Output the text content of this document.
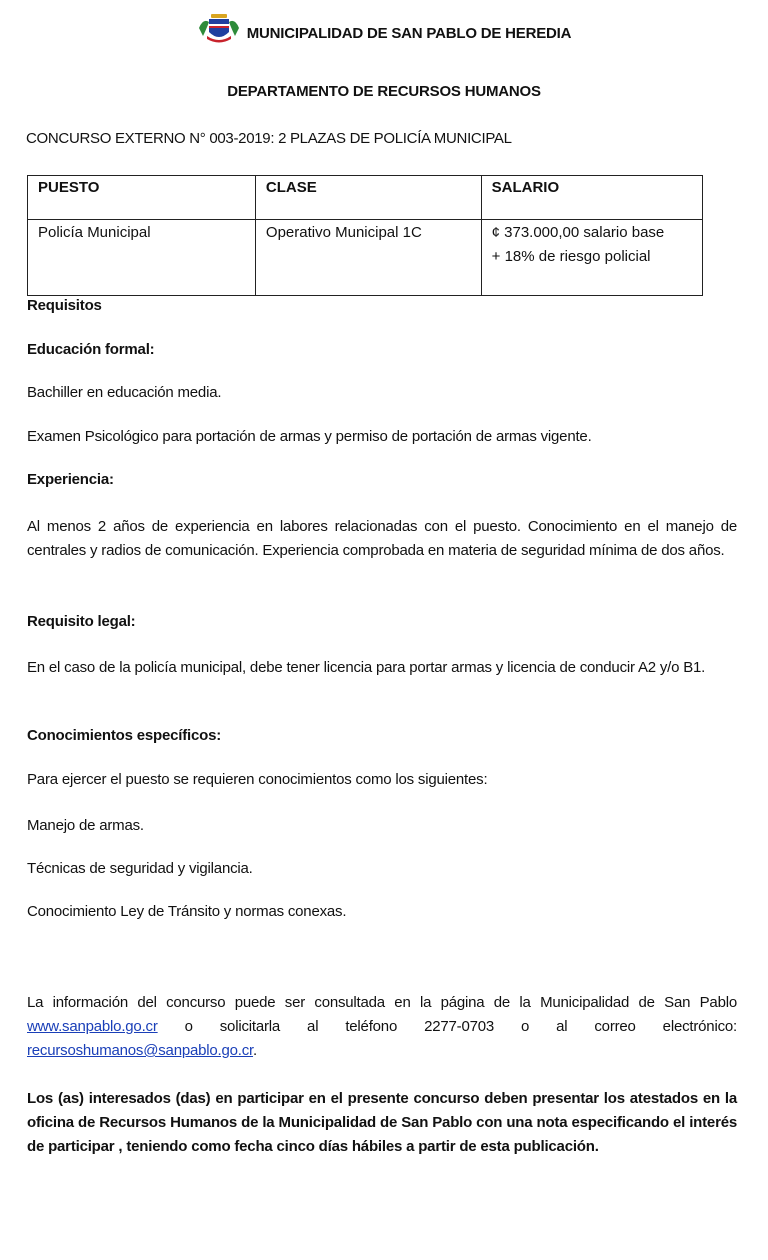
MUNICIPALIDAD DE SAN PABLO DE HEREDIA
DEPARTAMENTO DE RECURSOS HUMANOS
CONCURSO EXTERNO N° 003-2019: 2 PLAZAS DE POLICÍA MUNICIPAL
PUESTO	CLASE	SALARIO
Policía Municipal	Operativo Municipal 1C	¢ 373.000,00 salario base
+ 18% de riesgo policial
Requisitos
Educación formal:
Bachiller en educación media.
Examen Psicológico para portación de armas y permiso de portación de armas vigente.
Experiencia:
Al menos 2 años de experiencia en labores relacionadas con el puesto. Conocimiento en el manejo de centrales y radios de comunicación. Experiencia comprobada en materia de seguridad mínima de dos años.
Requisito legal:
En el caso de la policía municipal, debe tener licencia para portar armas y licencia de conducir A2 y/o B1.
Conocimientos específicos:
Para ejercer el puesto se requieren conocimientos como los siguientes:
Manejo de armas.
Técnicas de seguridad y vigilancia.
Conocimiento Ley de Tránsito y normas conexas.
La información del concurso puede ser consultada en la página de la Municipalidad de San Pablo www.sanpablo.go.cr o solicitarla al teléfono 2277-0703 o al correo electrónico: recursoshumanos@sanpablo.go.cr.
Los (as) interesados (das) en participar en el presente concurso deben presentar los atestados en la oficina de Recursos Humanos de la Municipalidad de San Pablo con una nota especificando el interés de participar , teniendo como fecha cinco días hábiles a partir de esta publicación.
